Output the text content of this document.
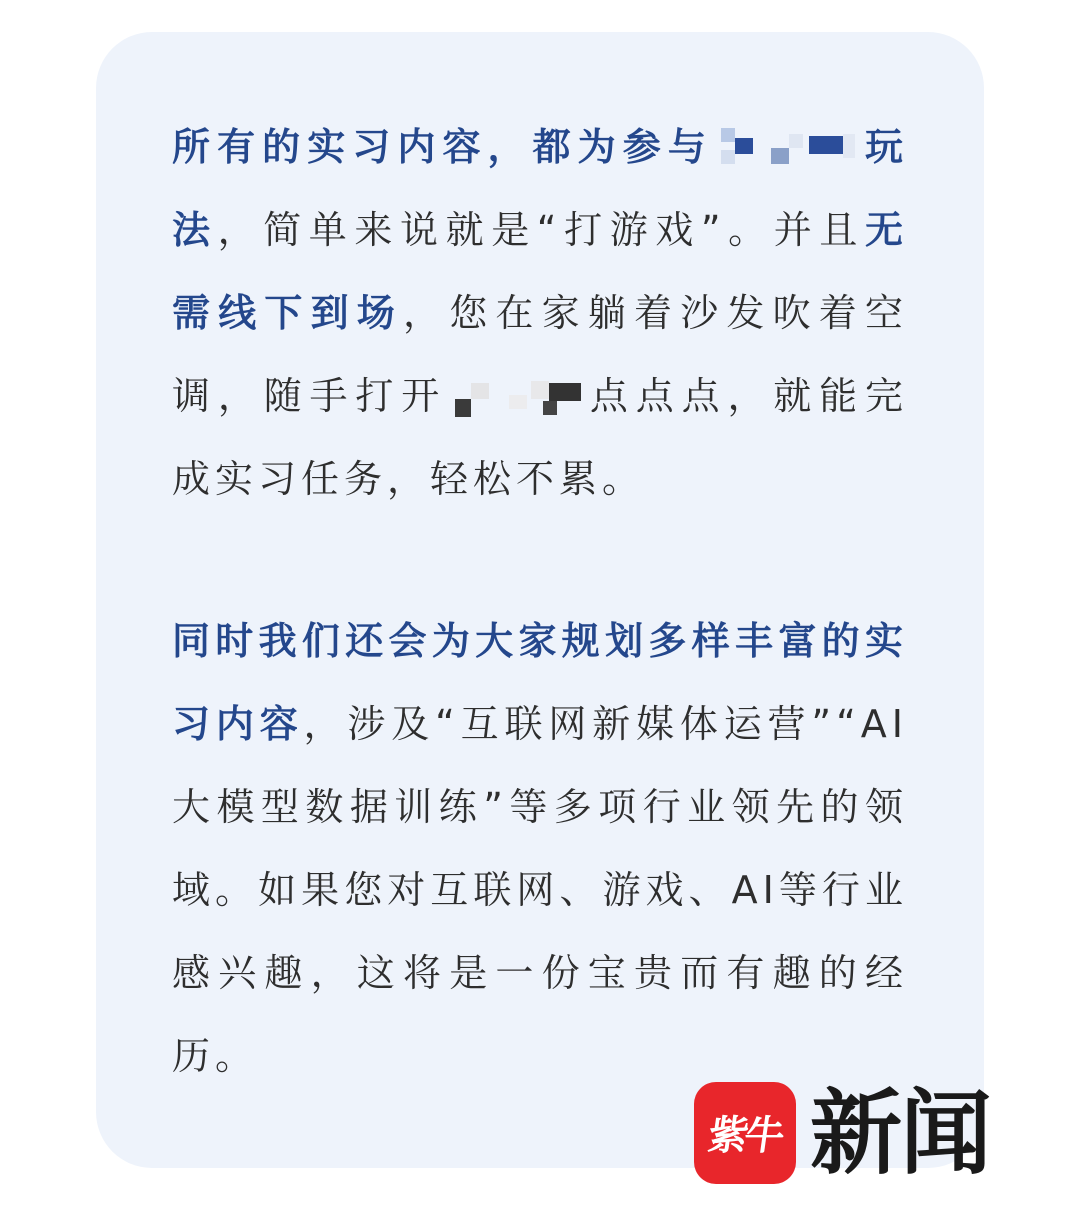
所有的实习内容，都为参与	玩法，简单来说就是“打游戏”。并且无需线下到场，您在家躺着沙发吹着空调，随手打开	点点点，就能完成实习任务，轻松不累。

同时我们还会为大家规划多样丰富的实习内容，涉及“互联网新媒体运营”“AI大模型数据训练”等多项行业领先的领域。如果您对互联网、游戏、AI等行业感兴趣，这将是一份宝贵而有趣的经历。

紫牛 新闻
